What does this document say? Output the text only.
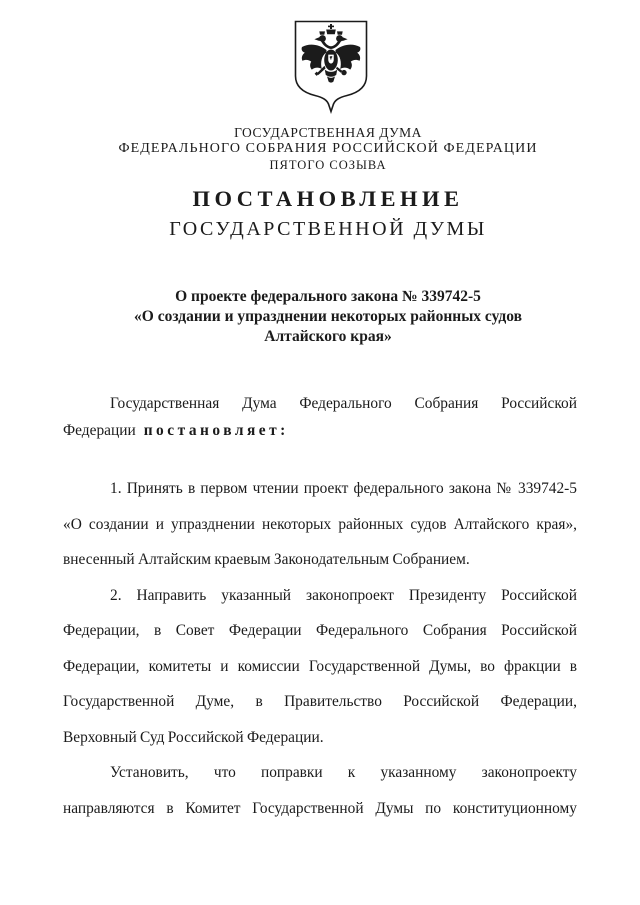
ГОСУДАРСТВЕННАЯ ДУМА
ФЕДЕРАЛЬНОГО СОБРАНИЯ РОССИЙСКОЙ ФЕДЕРАЦИИ
ПЯТОГО СОЗЫВА
ПОСТАНОВЛЕНИЕ
ГОСУДАРСТВЕННОЙ ДУМЫ
О проекте федерального закона № 339742-5
«О создании и упразднении некоторых районных судов
Алтайского края»

Государственная Дума Федерального Собрания Российской
Федерации постановляет:

1. Принять в первом чтении проект федерального закона № 339742-5
«О создании и упразднении некоторых районных судов Алтайского края»,
внесенный Алтайским краевым Законодательным Собранием.

2. Направить указанный законопроект Президенту Российской
Федерации, в Совет Федерации Федерального Собрания Российской
Федерации, комитеты и комиссии Государственной Думы, во фракции в
Государственной Думе, в Правительство Российской Федерации,
Верховный Суд Российской Федерации.

Установить, что поправки к указанному законопроекту
направляются в Комитет Государственной Думы по конституционному
